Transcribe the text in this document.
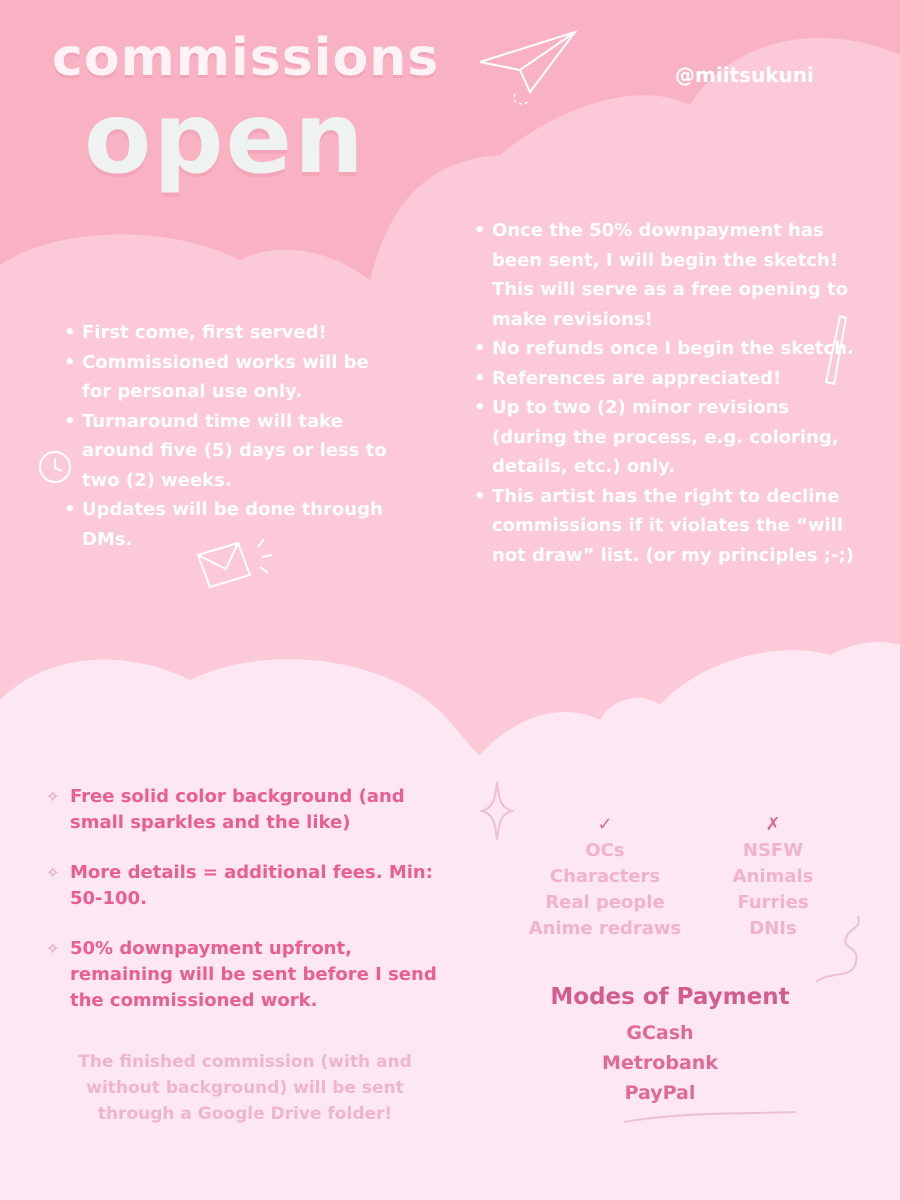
commissions
open
@miitsukuni
• First come, first served!
• Commissioned works will be for personal use only.
• Turnaround time will take around five (5) days or less to two (2) weeks.
• Updates will be done through DMs.
• Once the 50% downpayment has been sent, I will begin the sketch! This will serve as a free opening to make revisions!
• No refunds once I begin the sketch.
• References are appreciated!
• Up to two (2) minor revisions (during the process, e.g. coloring, details, etc.) only.
• This artist has the right to decline commissions if it violates the “will not draw” list. (or my principles ;-;)
✧ Free solid color background (and small sparkles and the like)
✧ More details = additional fees. Min: 50-100.
✧ 50% downpayment upfront, remaining will be sent before I send the commissioned work.
The finished commission (with and without background) will be sent through a Google Drive folder!
✓
OCs
Characters
Real people
Anime redraws
✗
NSFW
Animals
Furries
DNIs
Modes of Payment
GCash
Metrobank
PayPal
